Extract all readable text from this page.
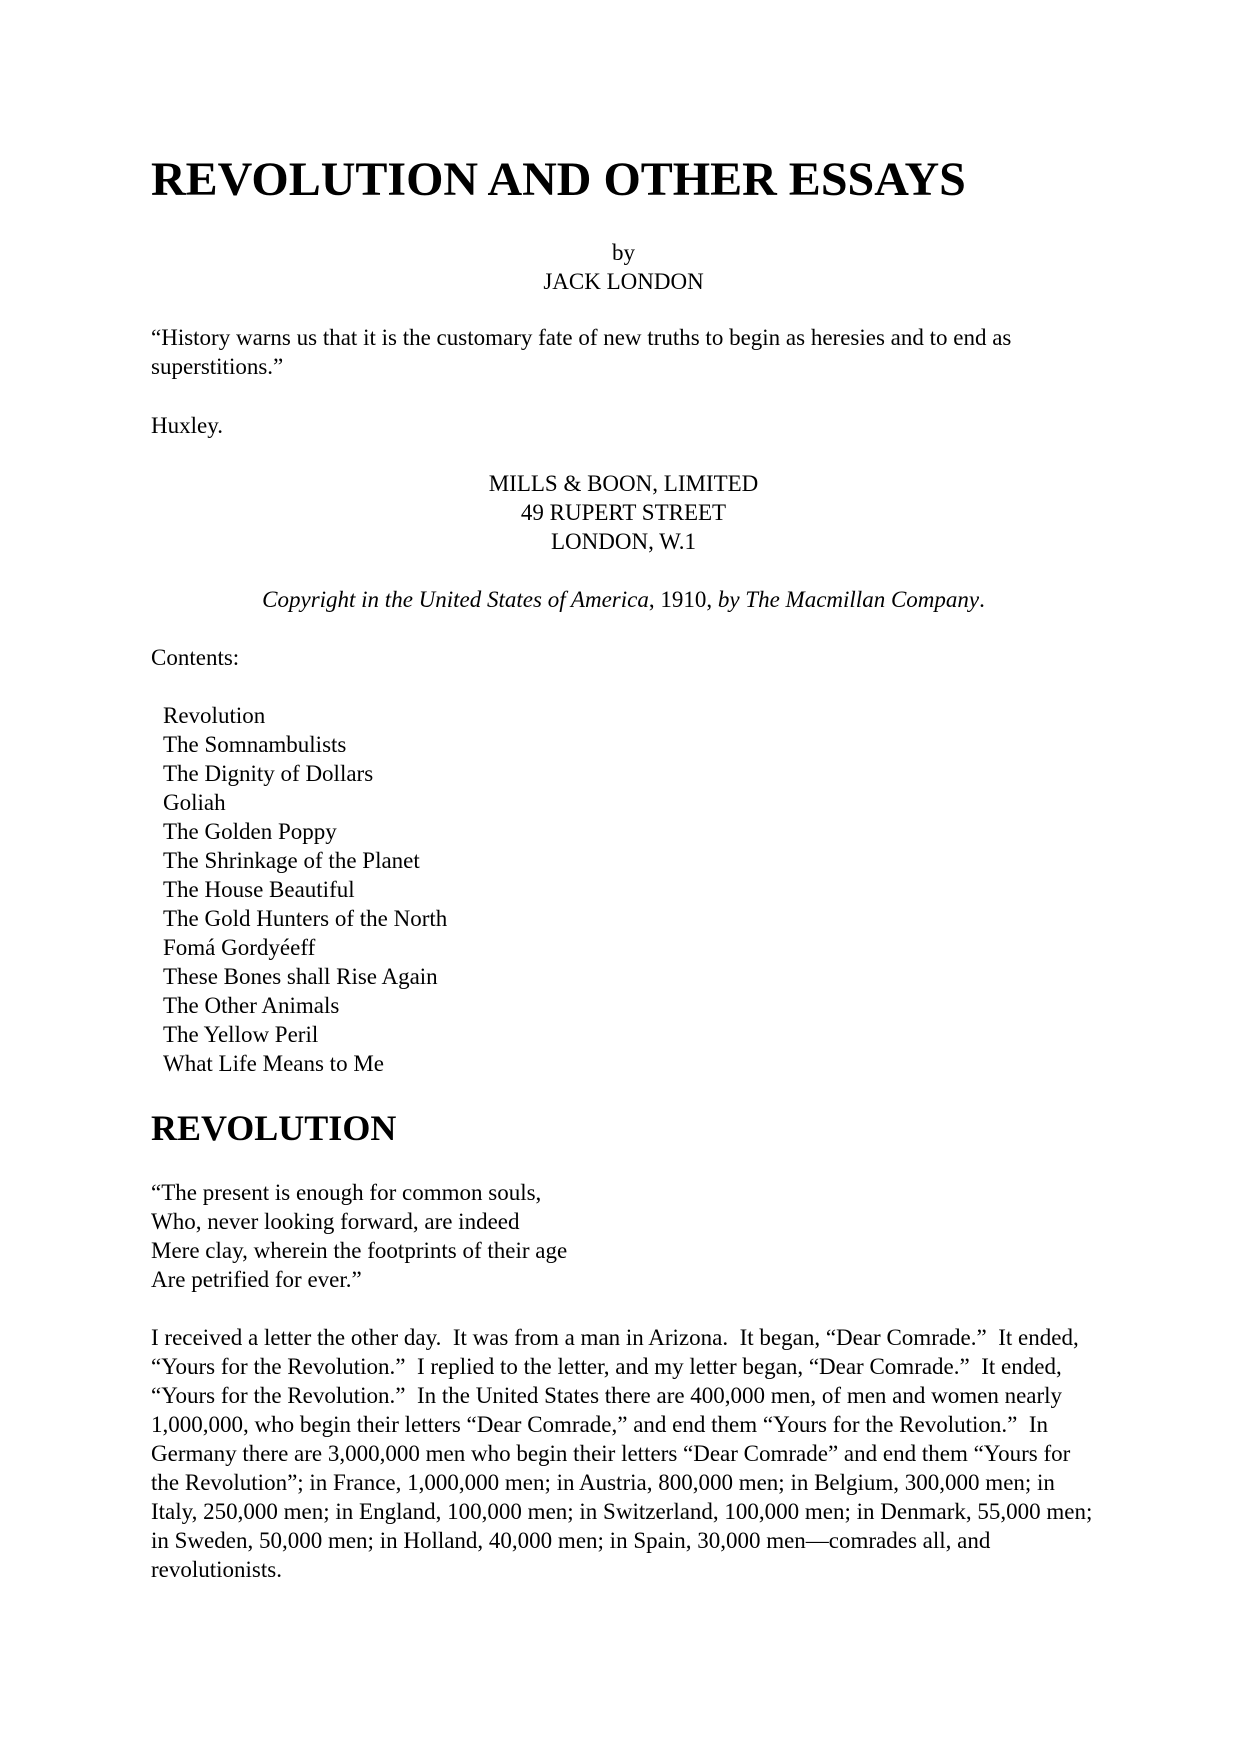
REVOLUTION AND OTHER ESSAYS
by
JACK LONDON

“History warns us that it is the customary fate of new truths to begin as heresies and to end as superstitions.”

Huxley.

MILLS & BOON, LIMITED
49 RUPERT STREET
LONDON, W.1

Copyright in the United States of America, 1910, by The Macmillan Company.

Contents:

Revolution
The Somnambulists
The Dignity of Dollars
Goliah
The Golden Poppy
The Shrinkage of the Planet
The House Beautiful
The Gold Hunters of the North
Fomá Gordyéeff
These Bones shall Rise Again
The Other Animals
The Yellow Peril
What Life Means to Me
REVOLUTION
“The present is enough for common souls,
Who, never looking forward, are indeed
Mere clay, wherein the footprints of their age
Are petrified for ever.”

I received a letter the other day.  It was from a man in Arizona.  It began, “Dear Comrade.”  It ended, “Yours for the Revolution.”  I replied to the letter, and my letter began, “Dear Comrade.”  It ended, “Yours for the Revolution.”  In the United States there are 400,000 men, of men and women nearly 1,000,000, who begin their letters “Dear Comrade,” and end them “Yours for the Revolution.”  In Germany there are 3,000,000 men who begin their letters “Dear Comrade” and end them “Yours for the Revolution”; in France, 1,000,000 men; in Austria, 800,000 men; in Belgium, 300,000 men; in Italy, 250,000 men; in England, 100,000 men; in Switzerland, 100,000 men; in Denmark, 55,000 men; in Sweden, 50,000 men; in Holland, 40,000 men; in Spain, 30,000 men—comrades all, and revolutionists.
